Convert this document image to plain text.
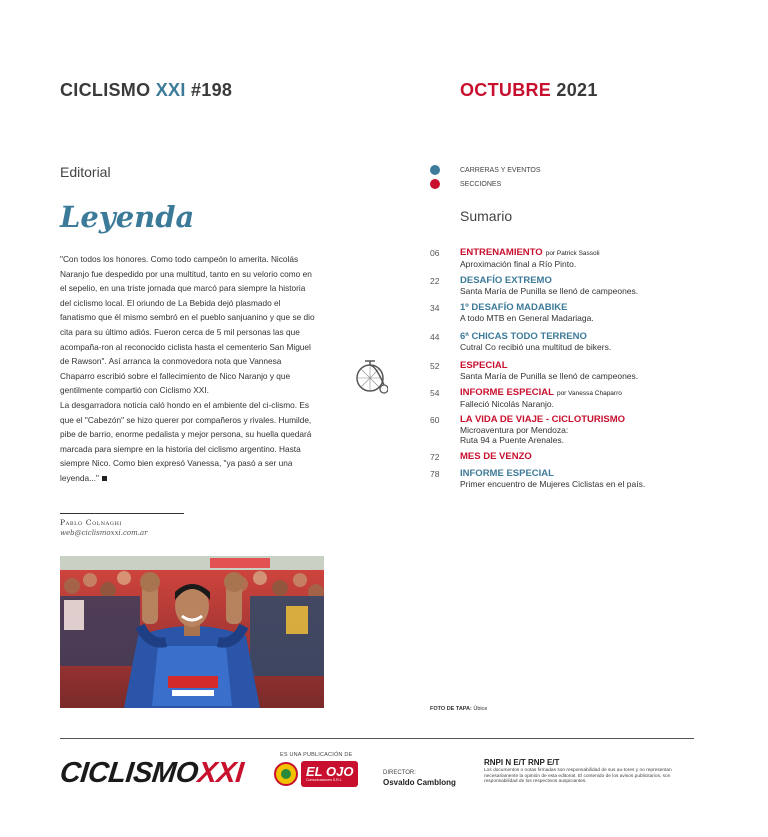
CICLISMO XXI #198	OCTUBRE 2021
Editorial
Leyenda

"Con todos los honores. Como todo campeón lo amerita. Nicolás Naranjo fue despedido por una multitud, tanto en su velorio como en el sepelio, en una triste jornada que marcó para siempre la historia del ciclismo local. El oriundo de La Bebida dejó plasmado el fanatismo que él mismo sembró en el pueblo sanjuanino y que se dio cita para su último adiós. Fueron cerca de 5 mil personas las que acompaña-ron al reconocido ciclista hasta el cementerio San Miguel de Rawson". Así arranca la conmovedora nota que Vannesa Chaparro escribió sobre el fallecimiento de Nico Naranjo y que gentilmente compartió con Ciclismo XXI.

La desgarradora noticia caló hondo en el ambiente del ci-clismo. Es que el "Cabezón" se hizo querer por compañeros y rivales. Humilde, pibe de barrio, enorme pedalista y mejor persona, su huella quedará marcada para siempre en la historia del ciclismo argentino. Hasta siempre Nico. Como bien expresó Vanessa, "ya pasó a ser una leyenda..."

Pablo Colnaghi
web@ciclismoxxi.com.ar
CARRERAS Y EVENTOS
SECCIONES
Sumario
06	ENTRENAMIENTO por Patrick Sassoli
Aproximación final a Río Pinto.
22	DESAFÍO EXTREMO
Santa María de Punilla se llenó de campeones.
34	1º DESAFÍO MADABIKE
A todo MTB en General Madariaga.
44	6ª CHICAS TODO TERRENO
Cutral Co recibió una multitud de bikers.
52	ESPECIAL
Santa María de Punilla se llenó de campeones.
54	INFORME ESPECIAL por Vanessa Chaparro
Falleció Nicolás Naranjo.
60	LA VIDA DE VIAJE - CICLOTURISMO
Microaventura por Mendoza:
Ruta 94 a Puente Arenales.
72	MES DE VENZO
78	INFORME ESPECIAL
Primer encuentro de Mujeres Ciclistas en el país.
FOTO DE TAPA: Úbice
CICLISMOXXI
ES UNA PUBLICACIÓN DE
EL OJO
Comunicaciones S.R.L.
DIRECTOR:
Osvaldo Camblong
RNPI N E/T RNP E/T
Los documentos o notas firmadas son responsabilidad de sus au-tores y no representan necesariamente la opinión de esta editorial. El contenido de los avisos publicitarios, son responsabilidad de los respectivos auspiciantes.
